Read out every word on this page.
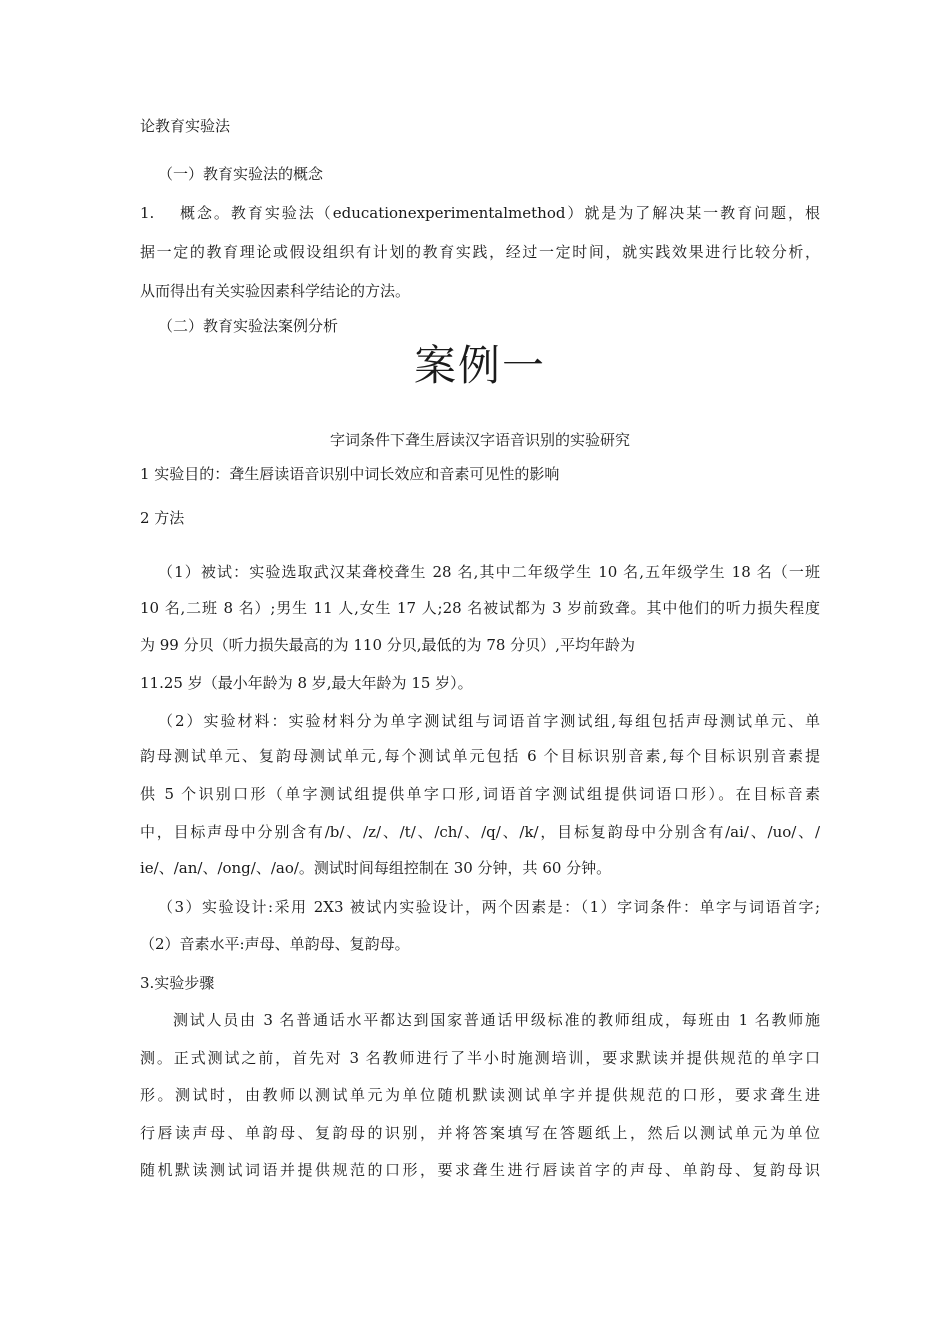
论教育实验法

（一）教育实验法的概念

1.　 概念。教育实验法（educationexperimentalmethod）就是为了解决某一教育问题，根

据一定的教育理论或假设组织有计划的教育实践，经过一定时间，就实践效果进行比较分析，

从而得出有关实验因素科学结论的方法。

（二）教育实验法案例分析

案例一

字词条件下聋生唇读汉字语音识别的实验研究

1 实验目的：聋生唇读语音识别中词长效应和音素可见性的影响

2 方法

（1）被试：实验选取武汉某聋校聋生 28 名,其中二年级学生 10 名,五年级学生 18 名（一班

10 名,二班 8 名）;男生 11 人,女生 17 人;28 名被试都为 3 岁前致聋。其中他们的听力损失程度

为 99 分贝（听力损失最高的为 110 分贝,最低的为 78 分贝）,平均年龄为

11.25 岁（最小年龄为 8 岁,最大年龄为 15 岁）。

（2）实验材料：实验材料分为单字测试组与词语首字测试组,每组包括声母测试单元、单

韵母测试单元、复韵母测试单元,每个测试单元包括 6 个目标识别音素,每个目标识别音素提

供 5 个识别口形（单字测试组提供单字口形,词语首字测试组提供词语口形）。在目标音素

中，目标声母中分别含有/b/、/z/、/t/、/ch/、/q/、/k/，目标复韵母中分别含有/ai/、/uo/、/

ie/、/an/、/ong/、/ao/。测试时间每组控制在 30 分钟，共 60 分钟。

（3）实验设计:采用 2X3 被试内实验设计，两个因素是：（1）字词条件：单字与词语首字;

（2）音素水平:声母、单韵母、复韵母。

3.实验步骤

测试人员由 3 名普通话水平都达到国家普通话甲级标准的教师组成，每班由 1 名教师施

测。正式测试之前，首先对 3 名教师进行了半小时施测培训，要求默读并提供规范的单字口

形。测试时，由教师以测试单元为单位随机默读测试单字并提供规范的口形，要求聋生进

行唇读声母、单韵母、复韵母的识别，并将答案填写在答题纸上，然后以测试单元为单位

随机默读测试词语并提供规范的口形，要求聋生进行唇读首字的声母、单韵母、复韵母识
